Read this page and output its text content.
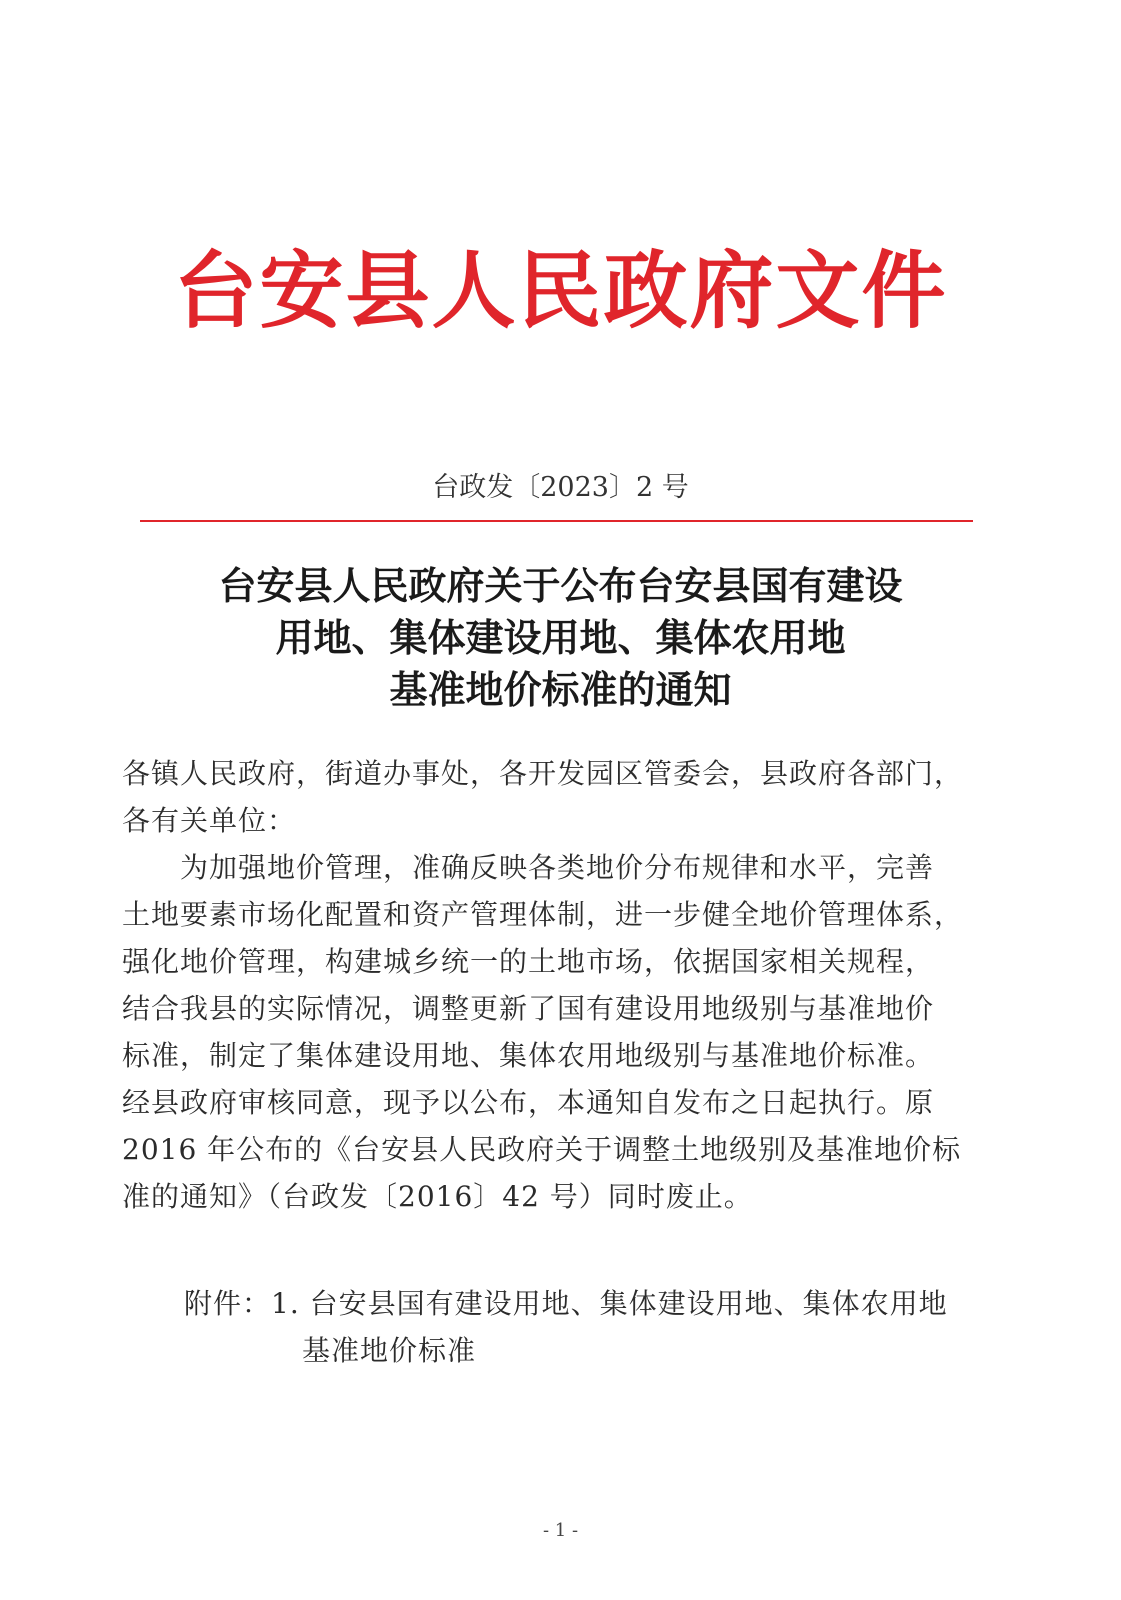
台安县人民政府文件
台政发〔2023〕2 号
台安县人民政府关于公布台安县国有建设
用地、集体建设用地、集体农用地
基准地价标准的通知
各镇人民政府，街道办事处，各开发园区管委会，县政府各部门，
各有关单位：
为加强地价管理，准确反映各类地价分布规律和水平，完善
土地要素市场化配置和资产管理体制，进一步健全地价管理体系，
强化地价管理，构建城乡统一的土地市场，依据国家相关规程，
结合我县的实际情况，调整更新了国有建设用地级别与基准地价
标准，制定了集体建设用地、集体农用地级别与基准地价标准。
经县政府审核同意，现予以公布，本通知自发布之日起执行。原
2016 年公布的《台安县人民政府关于调整土地级别及基准地价标
准的通知》（台政发〔2016〕42 号）同时废止。
附件：1. 台安县国有建设用地、集体建设用地、集体农用地
基准地价标准
- 1 -
